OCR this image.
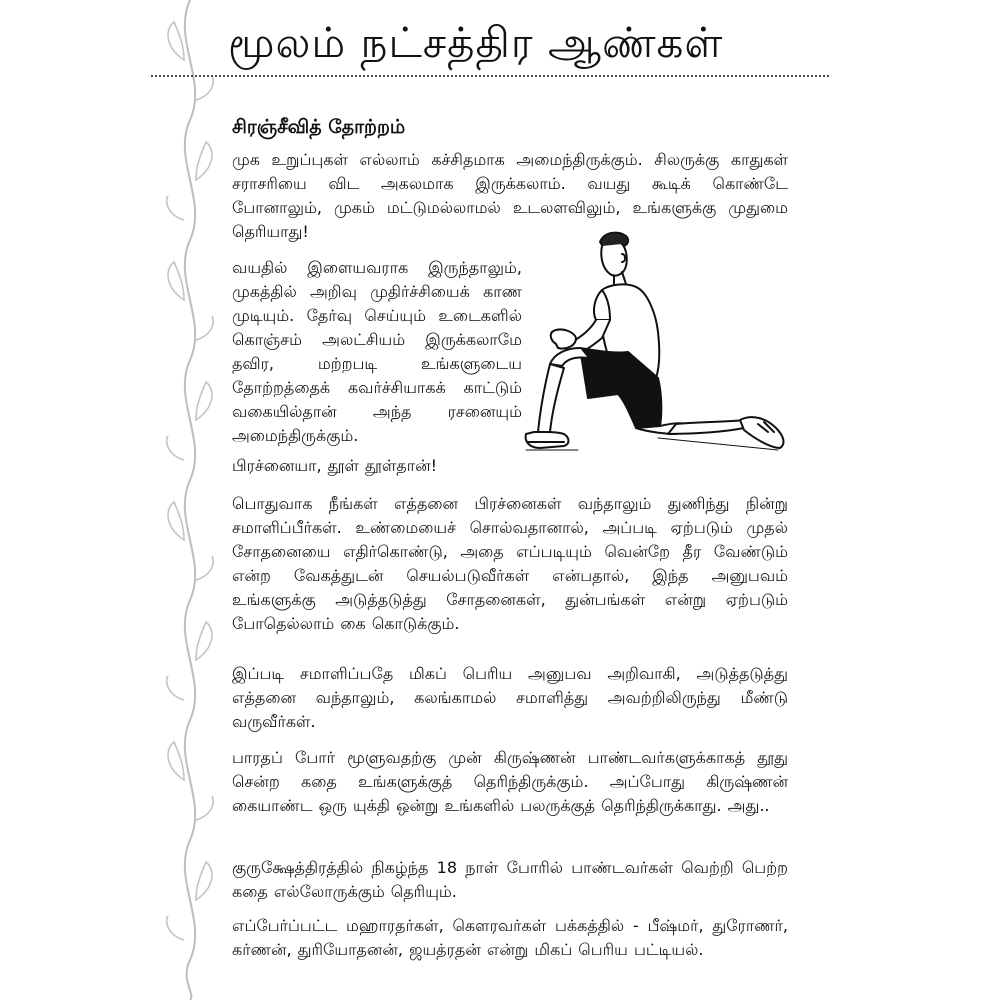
மூலம் நட்சத்திர ஆண்கள்
சிரஞ்சீவித் தோற்றம்

முக உறுப்புகள் எல்லாம் கச்சிதமாக அமைந்திருக்கும். சிலருக்கு காதுகள் சராசரியை விட அகலமாக இருக்கலாம். வயது கூடிக் கொண்டே போனாலும், முகம் மட்டுமல்லாமல் உடலளவிலும், உங்களுக்கு முதுமை தெரியாது!

வயதில் இளையவராக இருந்தாலும், முகத்தில் அறிவு முதிர்ச்சியைக் காண முடியும். தேர்வு செய்யும் உடைகளில் கொஞ்சம் அலட்சியம் இருக்கலாமே தவிர, மற்றபடி உங்களுடைய தோற்றத்தைக் கவர்ச்சியாகக் காட்டும் வகையில்தான் அந்த ரசனையும் அமைந்திருக்கும்.

பிரச்னையா, தூள் தூள்தான்!

பொதுவாக நீங்கள் எத்தனை பிரச்னைகள் வந்தாலும் துணிந்து நின்று சமாளிப்பீர்கள். உண்மையைச் சொல்வதானால், அப்படி ஏற்படும் முதல் சோதனையை எதிர்கொண்டு, அதை எப்படியும் வென்றே தீர வேண்டும் என்ற வேகத்துடன் செயல்படுவீர்கள் என்பதால், இந்த அனுபவம் உங்களுக்கு அடுத்தடுத்து சோதனைகள், துன்பங்கள் என்று ஏற்படும் போதெல்லாம் கை கொடுக்கும்.

இப்படி சமாளிப்பதே மிகப் பெரிய அனுபவ அறிவாகி, அடுத்தடுத்து எத்தனை வந்தாலும், கலங்காமல் சமாளித்து அவற்றிலிருந்து மீண்டு வருவீர்கள்.

பாரதப் போர் மூளுவதற்கு முன் கிருஷ்ணன் பாண்டவர்களுக்காகத் தூது சென்ற கதை உங்களுக்குத் தெரிந்திருக்கும். அப்போது கிருஷ்ணன் கையாண்ட ஒரு யுக்தி ஒன்று உங்களில் பலருக்குத் தெரிந்திருக்காது. அது..

குருக்ஷேத்திரத்தில் நிகழ்ந்த 18 நாள் போரில் பாண்டவர்கள் வெற்றி பெற்ற கதை எல்லோருக்கும் தெரியும்.

எப்பேர்ப்பட்ட மஹாரதர்கள், கௌரவர்கள் பக்கத்தில் - பீஷ்மர், துரோணர், கர்ணன், துரியோதனன், ஜயத்ரதன் என்று மிகப் பெரிய பட்டியல்.
